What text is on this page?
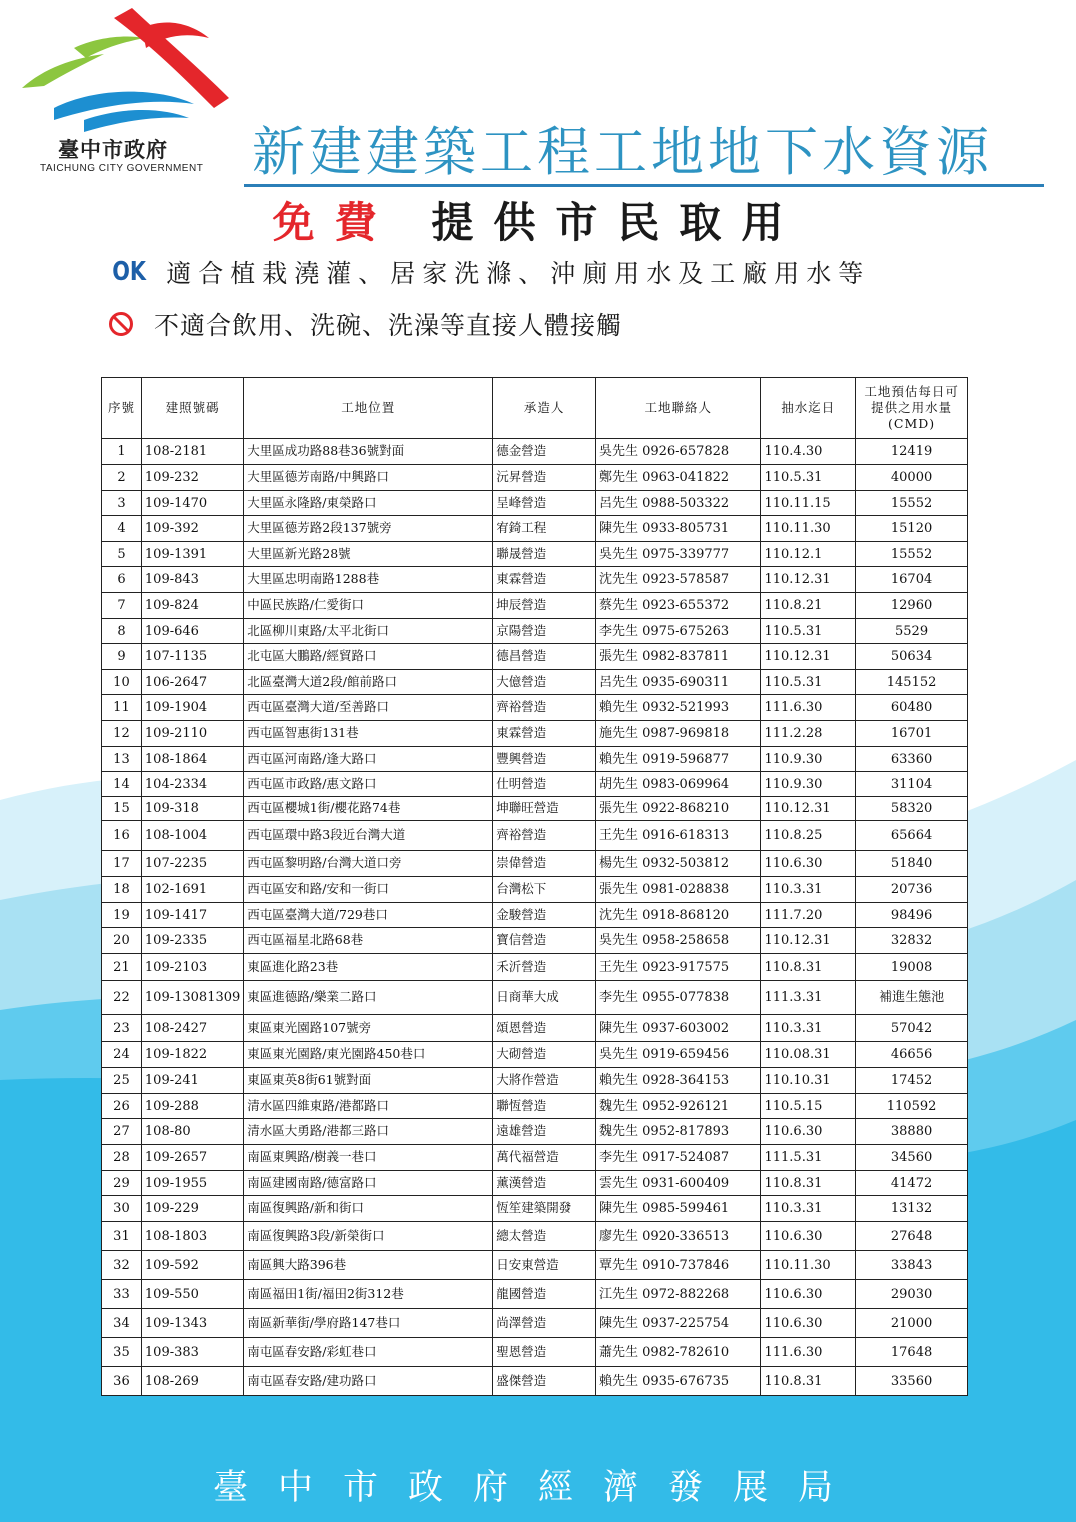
臺中市政府
TAICHUNG CITY GOVERNMENT 新建建築工程工地地下水資源
免費 提供市民取用
OK 適合植栽澆灌、居家洗滌、沖廁用水及工廠用水等
不適合飲用、洗碗、洗澡等直接人體接觸
序號	建照號碼	工地位置	承造人	工地聯絡人	抽水迄日	工地預估每日可
提供之用水量
(CMD)
1	108-2181	大里區成功路88巷36號對面	德金營造	吳先生 0926-657828	110.4.30	12419
2	109-232	大里區德芳南路/中興路口	沅昇營造	鄭先生 0963-041822	110.5.31	40000
3	109-1470	大里區永隆路/東榮路口	呈峰營造	呂先生 0988-503322	110.11.15	15552
4	109-392	大里區德芳路2段137號旁	宥錡工程	陳先生 0933-805731	110.11.30	15120
5	109-1391	大里區新光路28號	聯晟營造	吳先生 0975-339777	110.12.1	15552
6	109-843	大里區忠明南路1288巷	東霖營造	沈先生 0923-578587	110.12.31	16704
7	109-824	中區民族路/仁愛街口	坤辰營造	蔡先生 0923-655372	110.8.21	12960
8	109-646	北區柳川東路/太平北街口	京陽營造	李先生 0975-675263	110.5.31	5529
9	107-1135	北屯區大鵬路/經貿路口	德昌營造	張先生 0982-837811	110.12.31	50634
10	106-2647	北區臺灣大道2段/館前路口	大億營造	呂先生 0935-690311	110.5.31	145152
11	109-1904	西屯區臺灣大道/至善路口	齊裕營造	賴先生 0932-521993	111.6.30	60480
12	109-2110	西屯區智惠街131巷	東霖營造	施先生 0987-969818	111.2.28	16701
13	108-1864	西屯區河南路/逢大路口	豐興營造	賴先生 0919-596877	110.9.30	63360
14	104-2334	西屯區市政路/惠文路口	仕明營造	胡先生 0983-069964	110.9.30	31104
15	109-318	西屯區櫻城1街/櫻花路74巷	坤聯旺營造	張先生 0922-868210	110.12.31	58320
16	108-1004	西屯區環中路3段近台灣大道	齊裕營造	王先生 0916-618313	110.8.25	65664
17	107-2235	西屯區黎明路/台灣大道口旁	崇偉營造	楊先生 0932-503812	110.6.30	51840
18	102-1691	西屯區安和路/安和一街口	台灣松下	張先生 0981-028838	110.3.31	20736
19	109-1417	西屯區臺灣大道/729巷口	金駿營造	沈先生 0918-868120	111.7.20	98496
20	109-2335	西屯區福星北路68巷	寶信營造	吳先生 0958-258658	110.12.31	32832
21	109-2103	東區進化路23巷	禾沂營造	王先生 0923-917575	110.8.31	19008
22	109-13081309	東區進德路/樂業二路口	日商華大成	李先生 0955-077838	111.3.31	補進生態池
23	108-2427	東區東光園路107號旁	頌恩營造	陳先生 0937-603002	110.3.31	57042
24	109-1822	東區東光園路/東光園路450巷口	大砌營造	吳先生 0919-659456	110.08.31	46656
25	109-241	東區東英8街61號對面	大將作營造	賴先生 0928-364153	110.10.31	17452
26	109-288	清水區四維東路/港都路口	聯恆營造	魏先生 0952-926121	110.5.15	110592
27	108-80	清水區大勇路/港都三路口	遠雄營造	魏先生 0952-817893	110.6.30	38880
28	109-2657	南區東興路/樹義一巷口	萬代福營造	李先生 0917-524087	111.5.31	34560
29	109-1955	南區建國南路/德富路口	薰漢營造	雲先生 0931-600409	110.8.31	41472
30	109-229	南區復興路/新和街口	恆笙建築開發	陳先生 0985-599461	110.3.31	13132
31	108-1803	南區復興路3段/新榮街口	總太營造	廖先生 0920-336513	110.6.30	27648
32	109-592	南區興大路396巷	日安東營造	覃先生 0910-737846	110.11.30	33843
33	109-550	南區福田1街/福田2街312巷	龍國營造	江先生 0972-882268	110.6.30	29030
34	109-1343	南區新華街/學府路147巷口	尚澤營造	陳先生 0937-225754	110.6.30	21000
35	109-383	南屯區春安路/彩虹巷口	聖恩營造	蕭先生 0982-782610	111.6.30	17648
36	108-269	南屯區春安路/建功路口	盛傑營造	賴先生 0935-676735	110.8.31	33560
臺中市政府經濟發展局
